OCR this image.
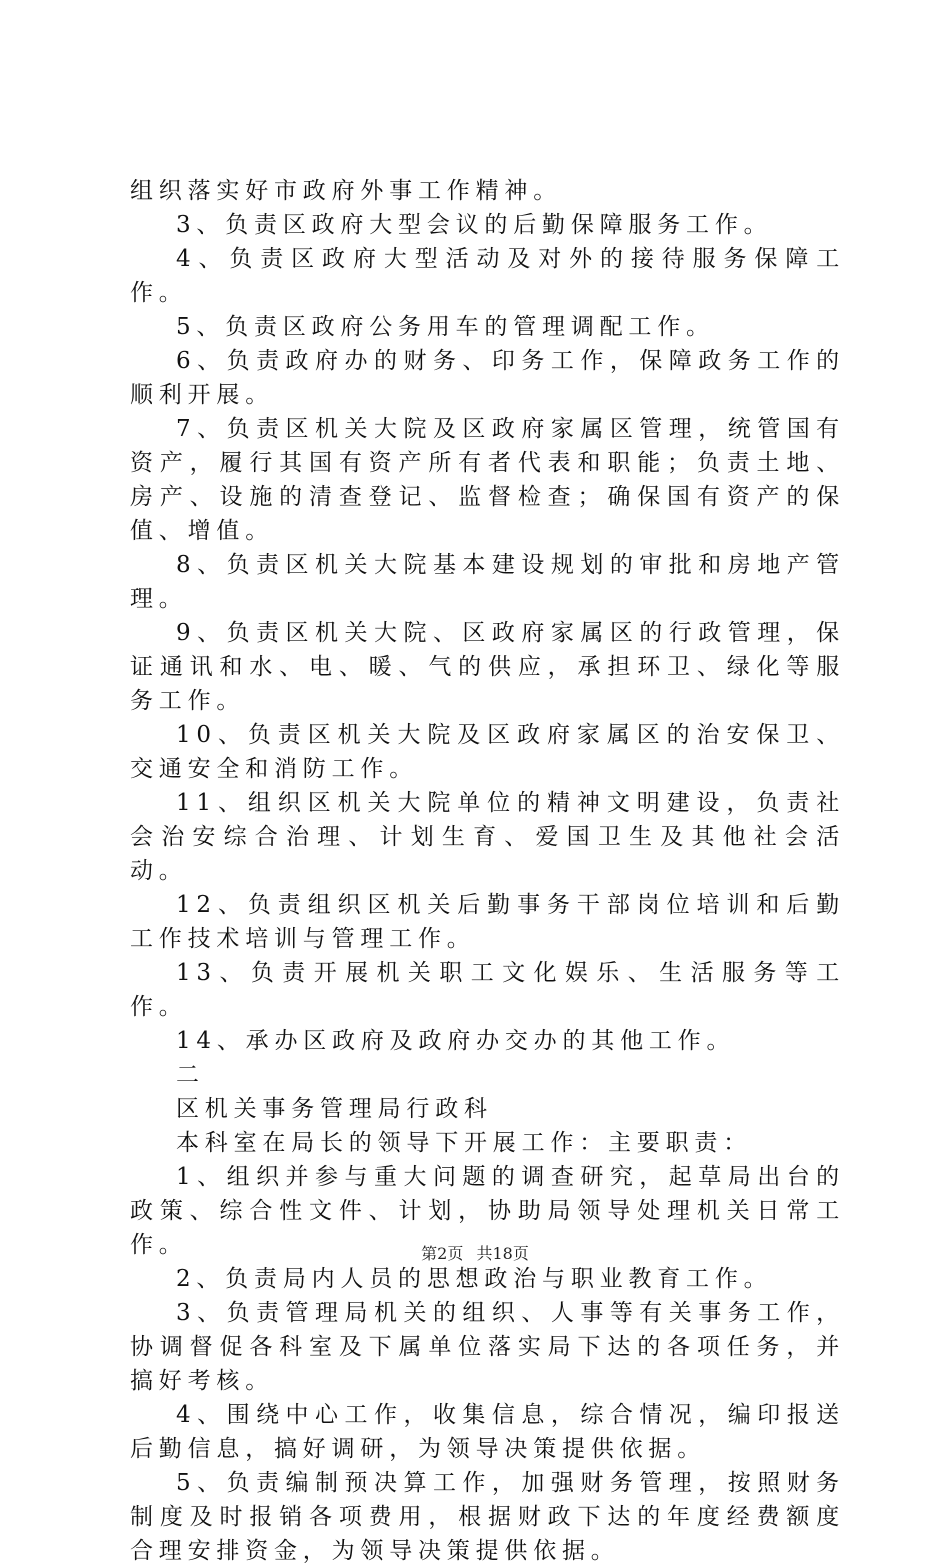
组织落实好市政府外事工作精神。

3、负责区政府大型会议的后勤保障服务工作。

4、负责区政府大型活动及对外的接待服务保障工作。

5、负责区政府公务用车的管理调配工作。

6、负责政府办的财务、印务工作，保障政务工作的顺利开展。

7、负责区机关大院及区政府家属区管理，统管国有资产，履行其国有资产所有者代表和职能；负责土地、房产、设施的清查登记、监督检查；确保国有资产的保值、增值。

8、负责区机关大院基本建设规划的审批和房地产管理。

9、负责区机关大院、区政府家属区的行政管理，保证通讯和水、电、暖、气的供应，承担环卫、绿化等服务工作。

10、负责区机关大院及区政府家属区的治安保卫、交通安全和消防工作。

11、组织区机关大院单位的精神文明建设，负责社会治安综合治理、计划生育、爱国卫生及其他社会活动。

12、负责组织区机关后勤事务干部岗位培训和后勤工作技术培训与管理工作。

13、负责开展机关职工文化娱乐、生活服务等工作。

14、承办区政府及政府办交办的其他工作。

二

区机关事务管理局行政科

本科室在局长的领导下开展工作：主要职责：

1、组织并参与重大问题的调查研究，起草局出台的政策、综合性文件、计划，协助局领导处理机关日常工作。

2、负责局内人员的思想政治与职业教育工作。

3、负责管理局机关的组织、人事等有关事务工作，协调督促各科室及下属单位落实局下达的各项任务，并搞好考核。

4、围绕中心工作，收集信息，综合情况，编印报送后勤信息，搞好调研，为领导决策提供依据。

5、负责编制预决算工作，加强财务管理，按照财务制度及时报销各项费用，根据财政下达的年度经费额度合理安排资金，为领导决策提供依据。

第2页 共18页
